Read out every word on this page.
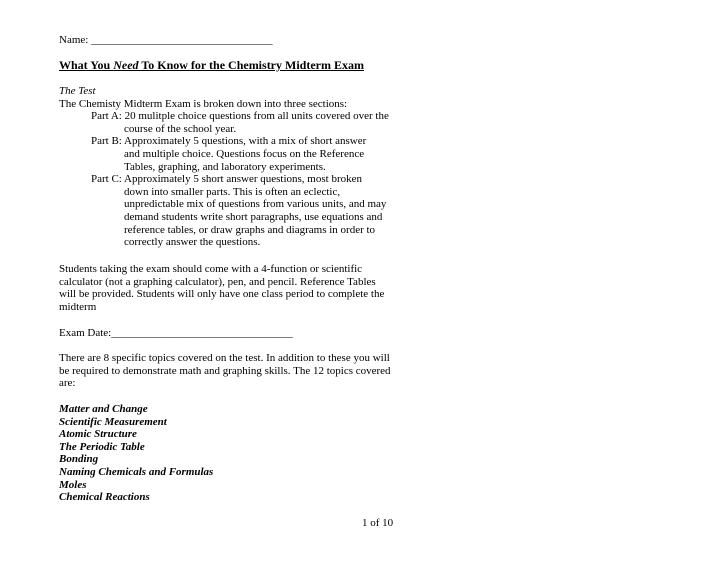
Name: _________________________________
What You Need To Know for the Chemistry Midterm Exam
The Test
The Chemisty Midterm Exam is broken down into three sections:
Part A: 20 mulitple choice questions from all units covered over the
course of the school year.
Part B: Approximately 5 questions, with a mix of short answer
and multiple choice. Questions focus on the Reference
Tables, graphing, and laboratory experiments.
Part C: Approximately 5 short answer questions, most broken
down into smaller parts. This is often an eclectic,
unpredictable mix of questions from various units, and may
demand students write short paragraphs, use equations and
reference tables, or draw graphs and diagrams in order to
correctly answer the questions.
Students taking the exam should come with a 4-function or scientific
calculator (not a graphing calculator), pen, and pencil. Reference Tables
will be provided. Students will only have one class period to complete the
midterm
Exam Date:_________________________________
There are 8 specific topics covered on the test. In addition to these you will
be required to demonstrate math and graphing skills. The 12 topics covered
are:
Matter and Change
Scientific Measurement
Atomic Structure
The Periodic Table
Bonding
Naming Chemicals and Formulas
Moles
Chemical Reactions
1 of 10
